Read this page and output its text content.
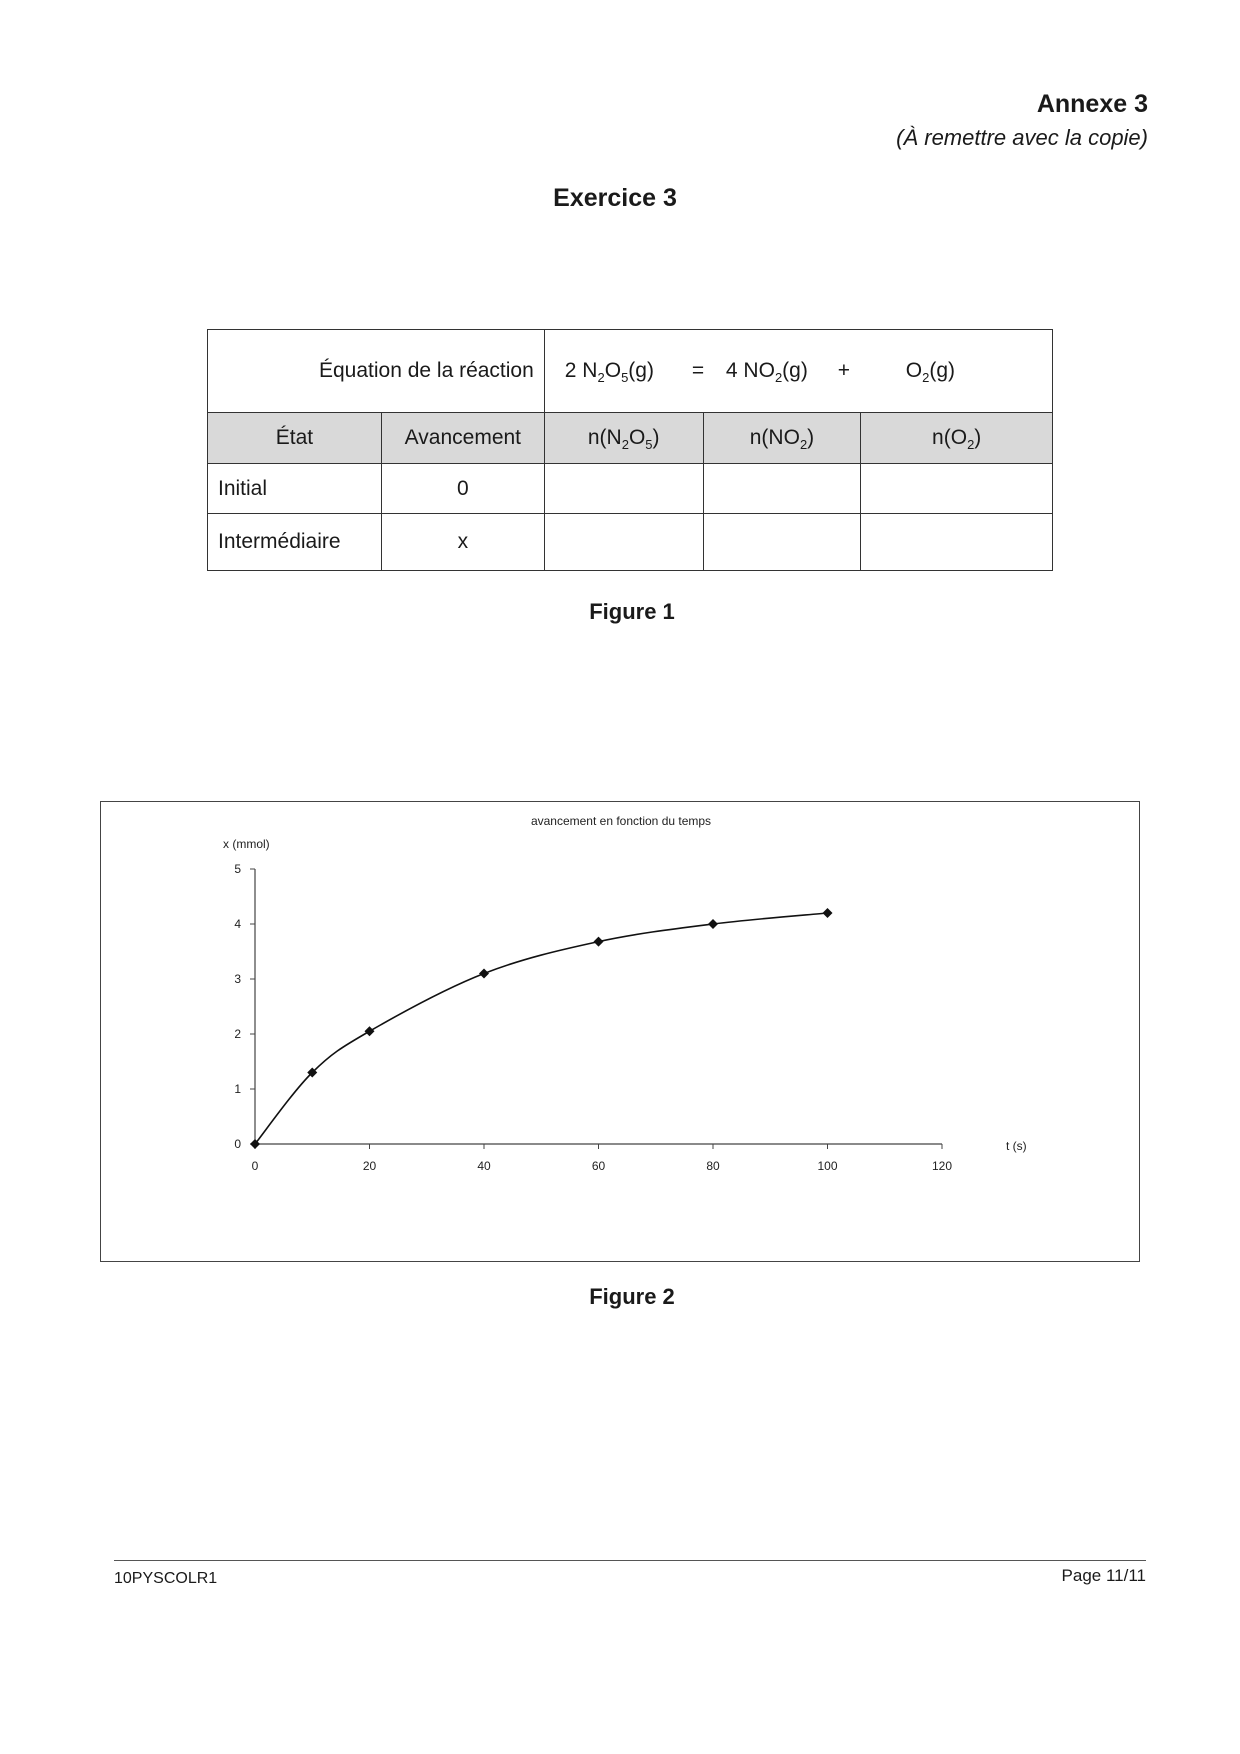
Annexe 3
(À remettre avec la copie)
Exercice 3
Équation de la réaction		2 $N_2O_5(g) = 4$ $NO_2(g) + O_2(g)$		
État	Avancement	$n(N_2O_5)$	$n(NO_2)$	$n(O_2)$
Initial	0			
Intermédiaire	x			
Figure 1
avancement en fonction du temps
x (mmol)
t (s)
0
1
2
3
4
5
0	20	40	60	80	100	120
Figure 2
10PYSCOLR1	Page 11/11
